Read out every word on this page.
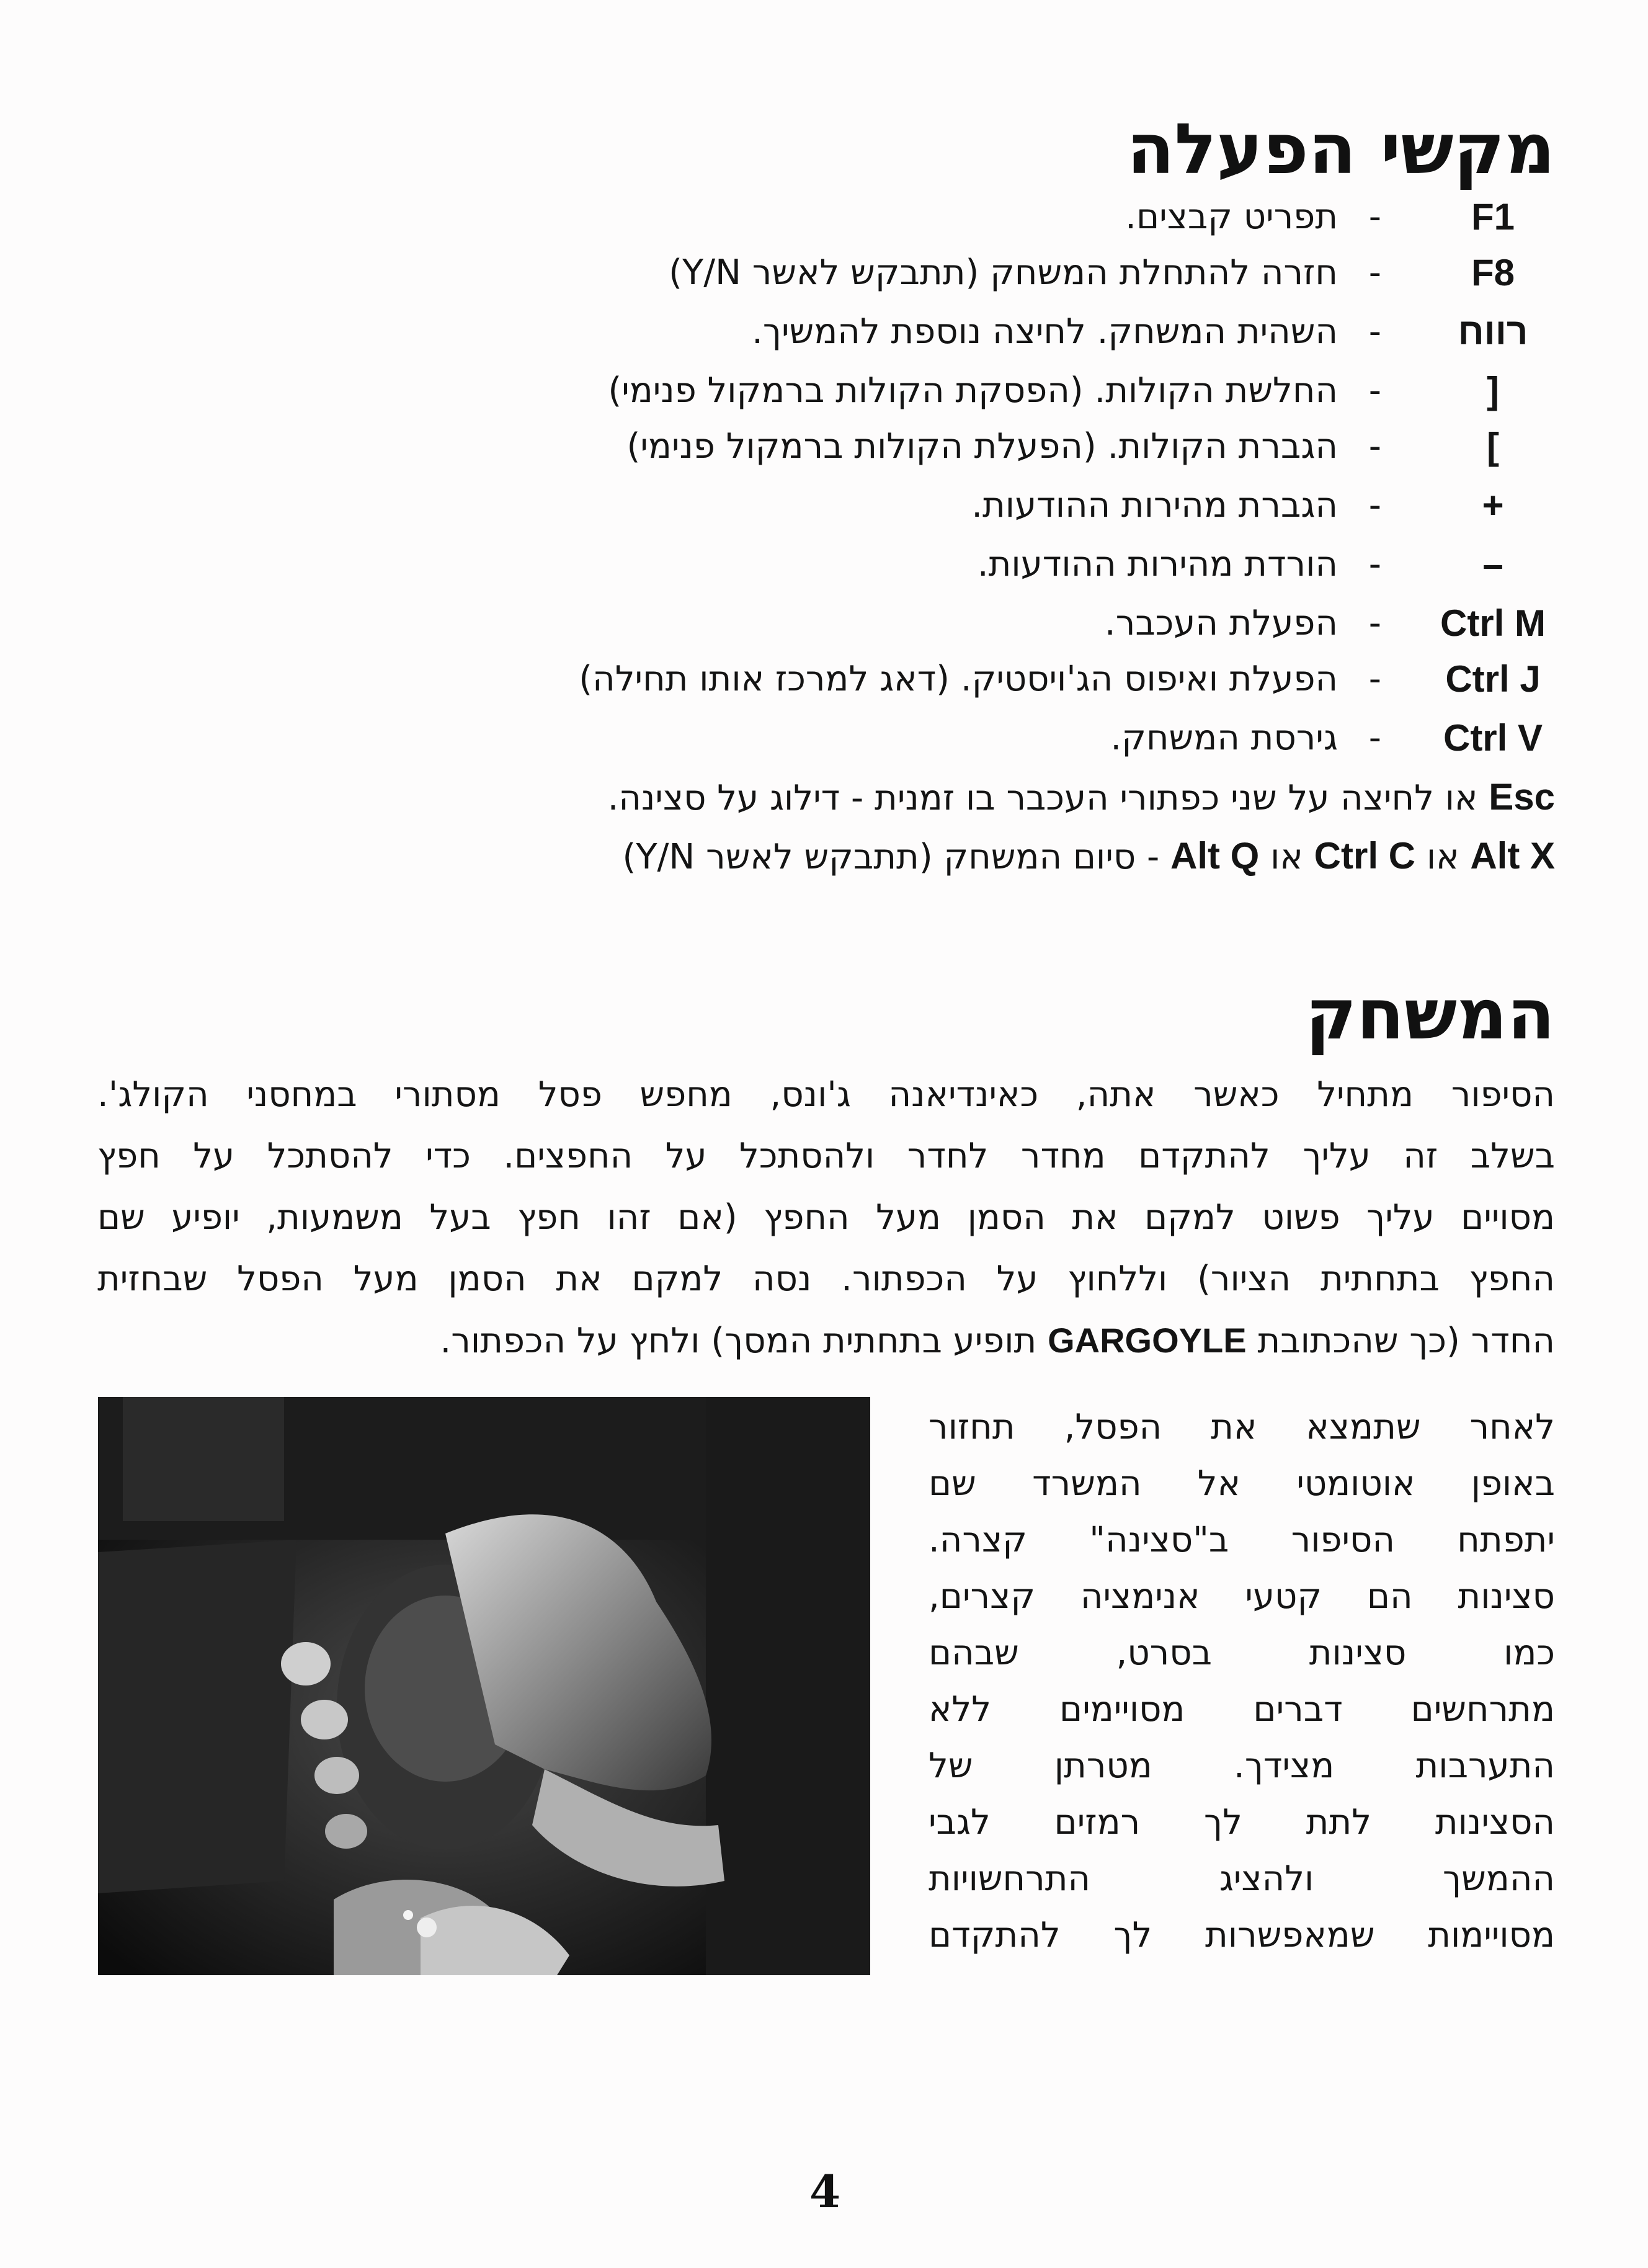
מקשי הפעלה
F1
-
תפריט קבצים.
F8
-
חזרה להתחלת המשחק (תתבקש לאשר Y/N)
רווח
-
השהית המשחק. לחיצה נוספת להמשיך.
]
-
החלשת הקולות. (הפסקת הקולות ברמקול פנימי)
[
-
הגברת הקולות. (הפעלת הקולות ברמקול פנימי)
+
-
הגברת מהירות ההודעות.
–
-
הורדת מהירות ההודעות.
Ctrl M
-
הפעלת העכבר.
Ctrl J
-
הפעלת ואיפוס הג'ויסטיק. (דאג למרכז אותו תחילה)
Ctrl V
-
גירסת המשחק.
Esc או לחיצה על שני כפתורי העכבר בו זמנית - דילוג על סצינה.
Alt X או Ctrl C או Alt Q - סיום המשחק (תתבקש לאשר Y/N)
המשחק

הסיפור מתחיל כאשר אתה, כאינדיאנה ג'ונס, מחפש פסל מסתורי במחסני הקולג'.
בשלב זה עליך להתקדם מחדר לחדר ולהסתכל על החפצים. כדי להסתכל על חפץ
מסויים עליך פשוט למקם את הסמן מעל החפץ (אם זהו חפץ בעל משמעות, יופיע שם
החפץ בתחתית הציור) וללחוץ על הכפתור. נסה למקם את הסמן מעל הפסל שבחזית
החדר (כך שהכתובת GARGOYLE תופיע בתחתית המסך) ולחץ על הכפתור.

לאחר שתמצא את הפסל, תחזור
באופן אוטומטי אל המשרד שם
יתפתח הסיפור ב"סצינה" קצרה.
סצינות הם קטעי אנימציה קצרים,
כמו סצינות בסרט, שבהם
מתרחשים דברים מסויימים ללא
התערבות מצידך. מטרתן של
הסצינות לתת לך רמזים לגבי
ההמשך ולהציג התרחשויות
מסויימות שמאפשרות לך להתקדם

4
